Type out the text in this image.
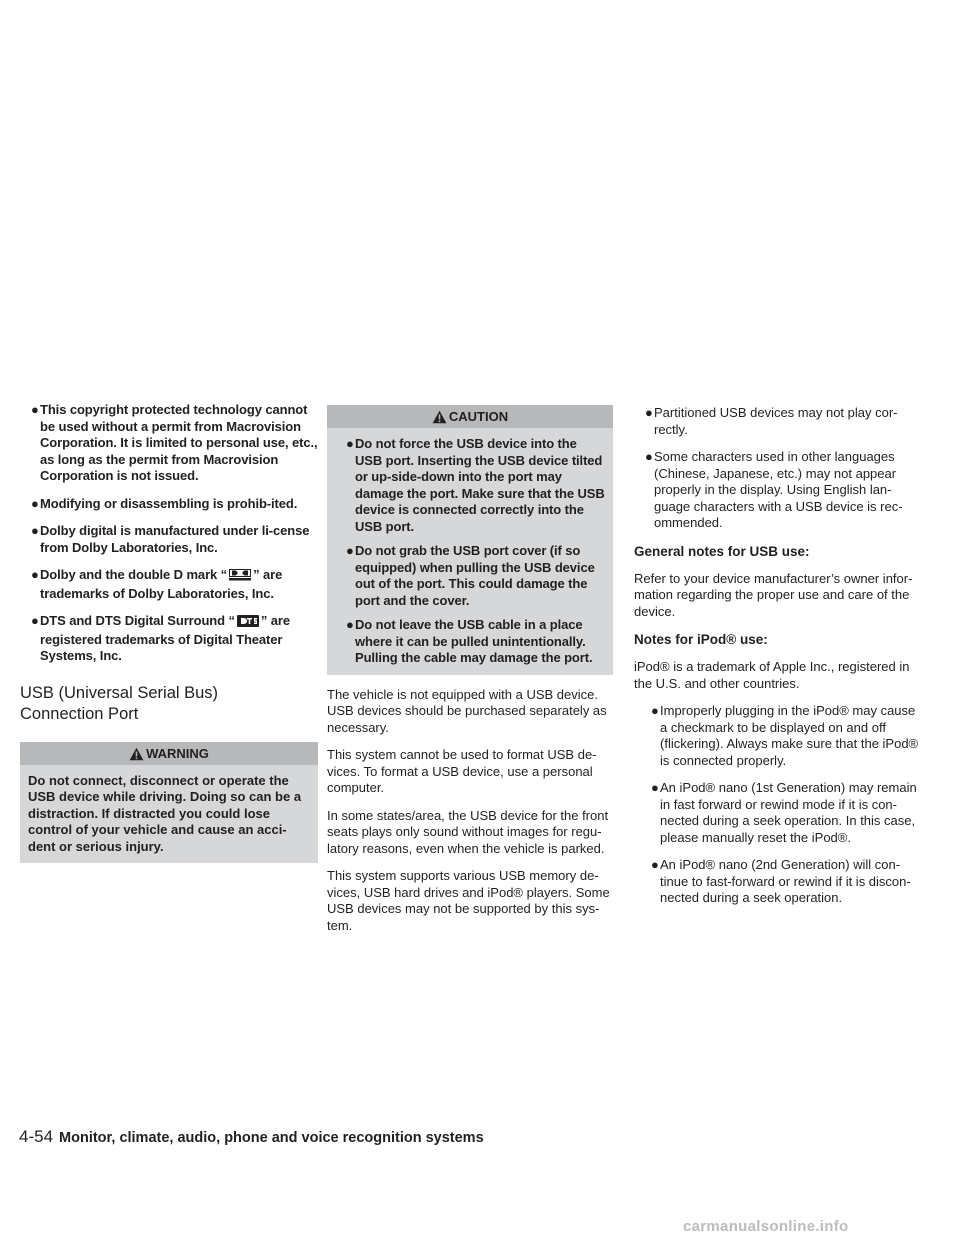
● This copyright protected technology cannot be used without a permit from Macrovision Corporation. It is limited to personal use, etc., as long as the permit from Macrovision Corporation is not issued.
● Modifying or disassembling is prohib-ited.
● Dolby digital is manufactured under li-cense from Dolby Laboratories, Inc.
● Dolby and the double D mark “ ” are trademarks of Dolby Laboratories, Inc.
● DTS and DTS Digital Surround “ ” are registered trademarks of Digital Theater Systems, Inc.
USB (Universal Serial Bus)
Connection Port
WARNING

Do not connect, disconnect or operate the USB device while driving. Doing so can be a distraction. If distracted you could lose control of your vehicle and cause an acci-dent or serious injury.

CAUTION
● Do not force the USB device into the USB port. Inserting the USB device tilted or up-side-down into the port may damage the port. Make sure that the USB device is connected correctly into the USB port.
● Do not grab the USB port cover (if so equipped) when pulling the USB device out of the port. This could damage the port and the cover.
● Do not leave the USB cable in a place where it can be pulled unintentionally. Pulling the cable may damage the port.

The vehicle is not equipped with a USB device. USB devices should be purchased separately as necessary.

This system cannot be used to format USB de-vices. To format a USB device, use a personal computer.

In some states/area, the USB device for the front seats plays only sound without images for regu-latory reasons, even when the vehicle is parked.

This system supports various USB memory de-vices, USB hard drives and iPod® players. Some USB devices may not be supported by this sys-tem.

● Partitioned USB devices may not play cor-rectly.
● Some characters used in other languages (Chinese, Japanese, etc.) may not appear properly in the display. Using English lan-guage characters with a USB device is rec-ommended.

General notes for USB use:

Refer to your device manufacturer’s owner infor-mation regarding the proper use and care of the device.

Notes for iPod® use:

iPod® is a trademark of Apple Inc., registered in the U.S. and other countries.

● Improperly plugging in the iPod® may cause a checkmark to be displayed on and off (flickering). Always make sure that the iPod® is connected properly.
● An iPod® nano (1st Generation) may remain in fast forward or rewind mode if it is con-nected during a seek operation. In this case, please manually reset the iPod®.
● An iPod® nano (2nd Generation) will con-tinue to fast-forward or rewind if it is discon-nected during a seek operation.
4-54 Monitor, climate, audio, phone and voice recognition systems
carmanualsonline.info
